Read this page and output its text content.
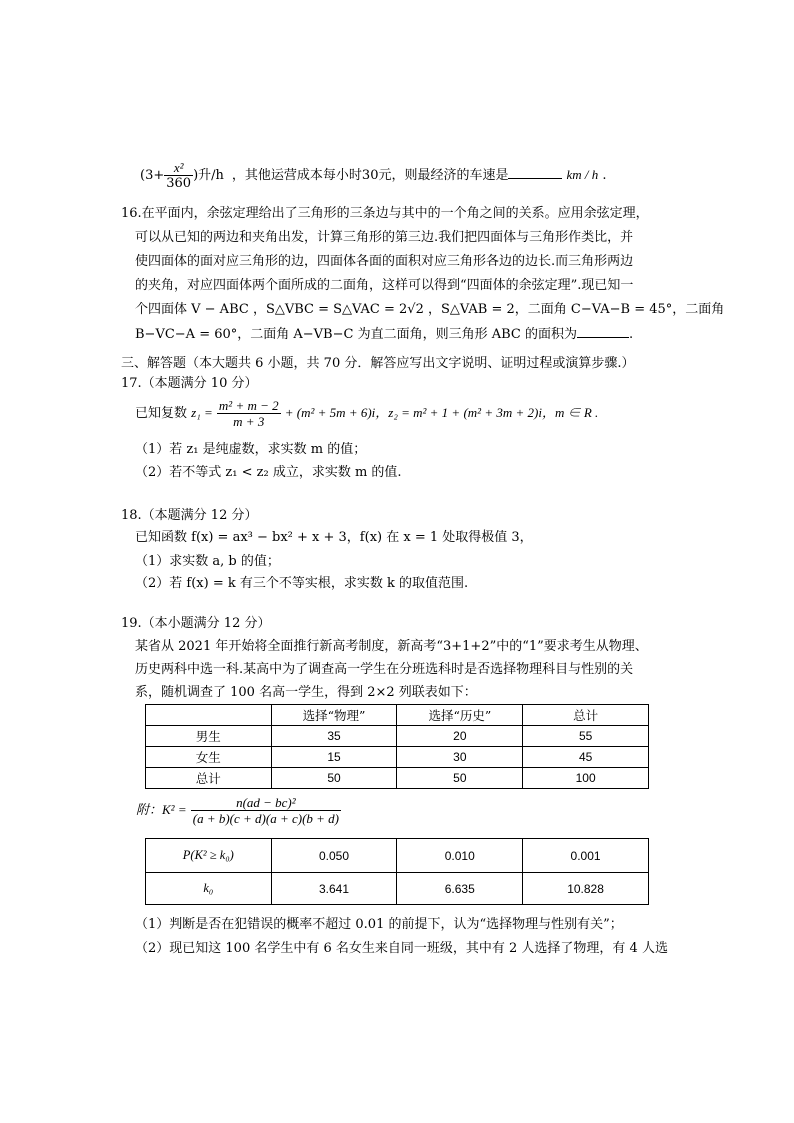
($3+ \frac{\text{x²}}{360}$ )升/h ，其他运营成本每小时30元，则最经济的车速是	km / h .
16.在平面内，余弦定理给出了三角形的三条边与其中的一个角之间的关系。应用余弦定理，
可以从已知的两边和夹角出发，计算三角形的第三边.我们把四面体与三角形作类比，并
使四面体的面对应三角形的边，四面体各面的面积对应三角形各边的边长.而三角形两边
的夹角，对应四面体两个面所成的二面角，这样可以得到“四面体的余弦定理”.现已知一
个四面体 V − ABC ，S△VBC = S△VAC = 2√2 ，S△VAB = 2，二面角 C−VA−B = 45°，二面角
B−VC−A = 60°，二面角 A−VB−C 为直二面角，则三角形 ABC 的面积为	.
三、解答题（本大题共 6 小题，共 70 分．解答应写出文字说明、证明过程或演算步骤.）
17.（本题满分 10 分）
已知复数 $z_1 = \frac{\text{m² + m − 2}}{m + 3} + (m^2 + 5m + 6)i$，z₂ = m² + 1 + (m² + 3m + 2)i，m ∈ R .
（1）若 z₁ 是纯虚数，求实数 m 的值；
（2）若不等式 z₁ < z₂ 成立，求实数 m 的值.
18.（本题满分 12 分）
已知函数 f(x) = ax³ − bx² + x + 3，f(x) 在 x = 1 处取得极值 3，
（1）求实数 a, b 的值；
（2）若 f(x) = k 有三个不等实根，求实数 k 的取值范围.
19.（本小题满分 12 分）
某省从 2021 年开始将全面推行新高考制度，新高考“3+1+2”中的“1”要求考生从物理、
历史两科中选一科.某高中为了调查高一学生在分班选科时是否选择物理科目与性别的关
系，随机调查了 100 名高一学生，得到 2×2 列联表如下：
	选择“物理”	选择“历史”	总计
男生	35	20	55
女生	15	30	45
总计	50	50	100
附：$K^2 = \frac{\text{n(ad − bc)²}}{(a + b)(c + d)(a + c)(b + d)}$
P(K² ≥ k₀)	0.050	0.010	0.001
k₀	3.641	6.635	10.828
（1）判断是否在犯错误的概率不超过 0.01 的前提下，认为“选择物理与性别有关”；
（2）现已知这 100 名学生中有 6 名女生来自同一班级，其中有 2 人选择了物理，有 4 人选
